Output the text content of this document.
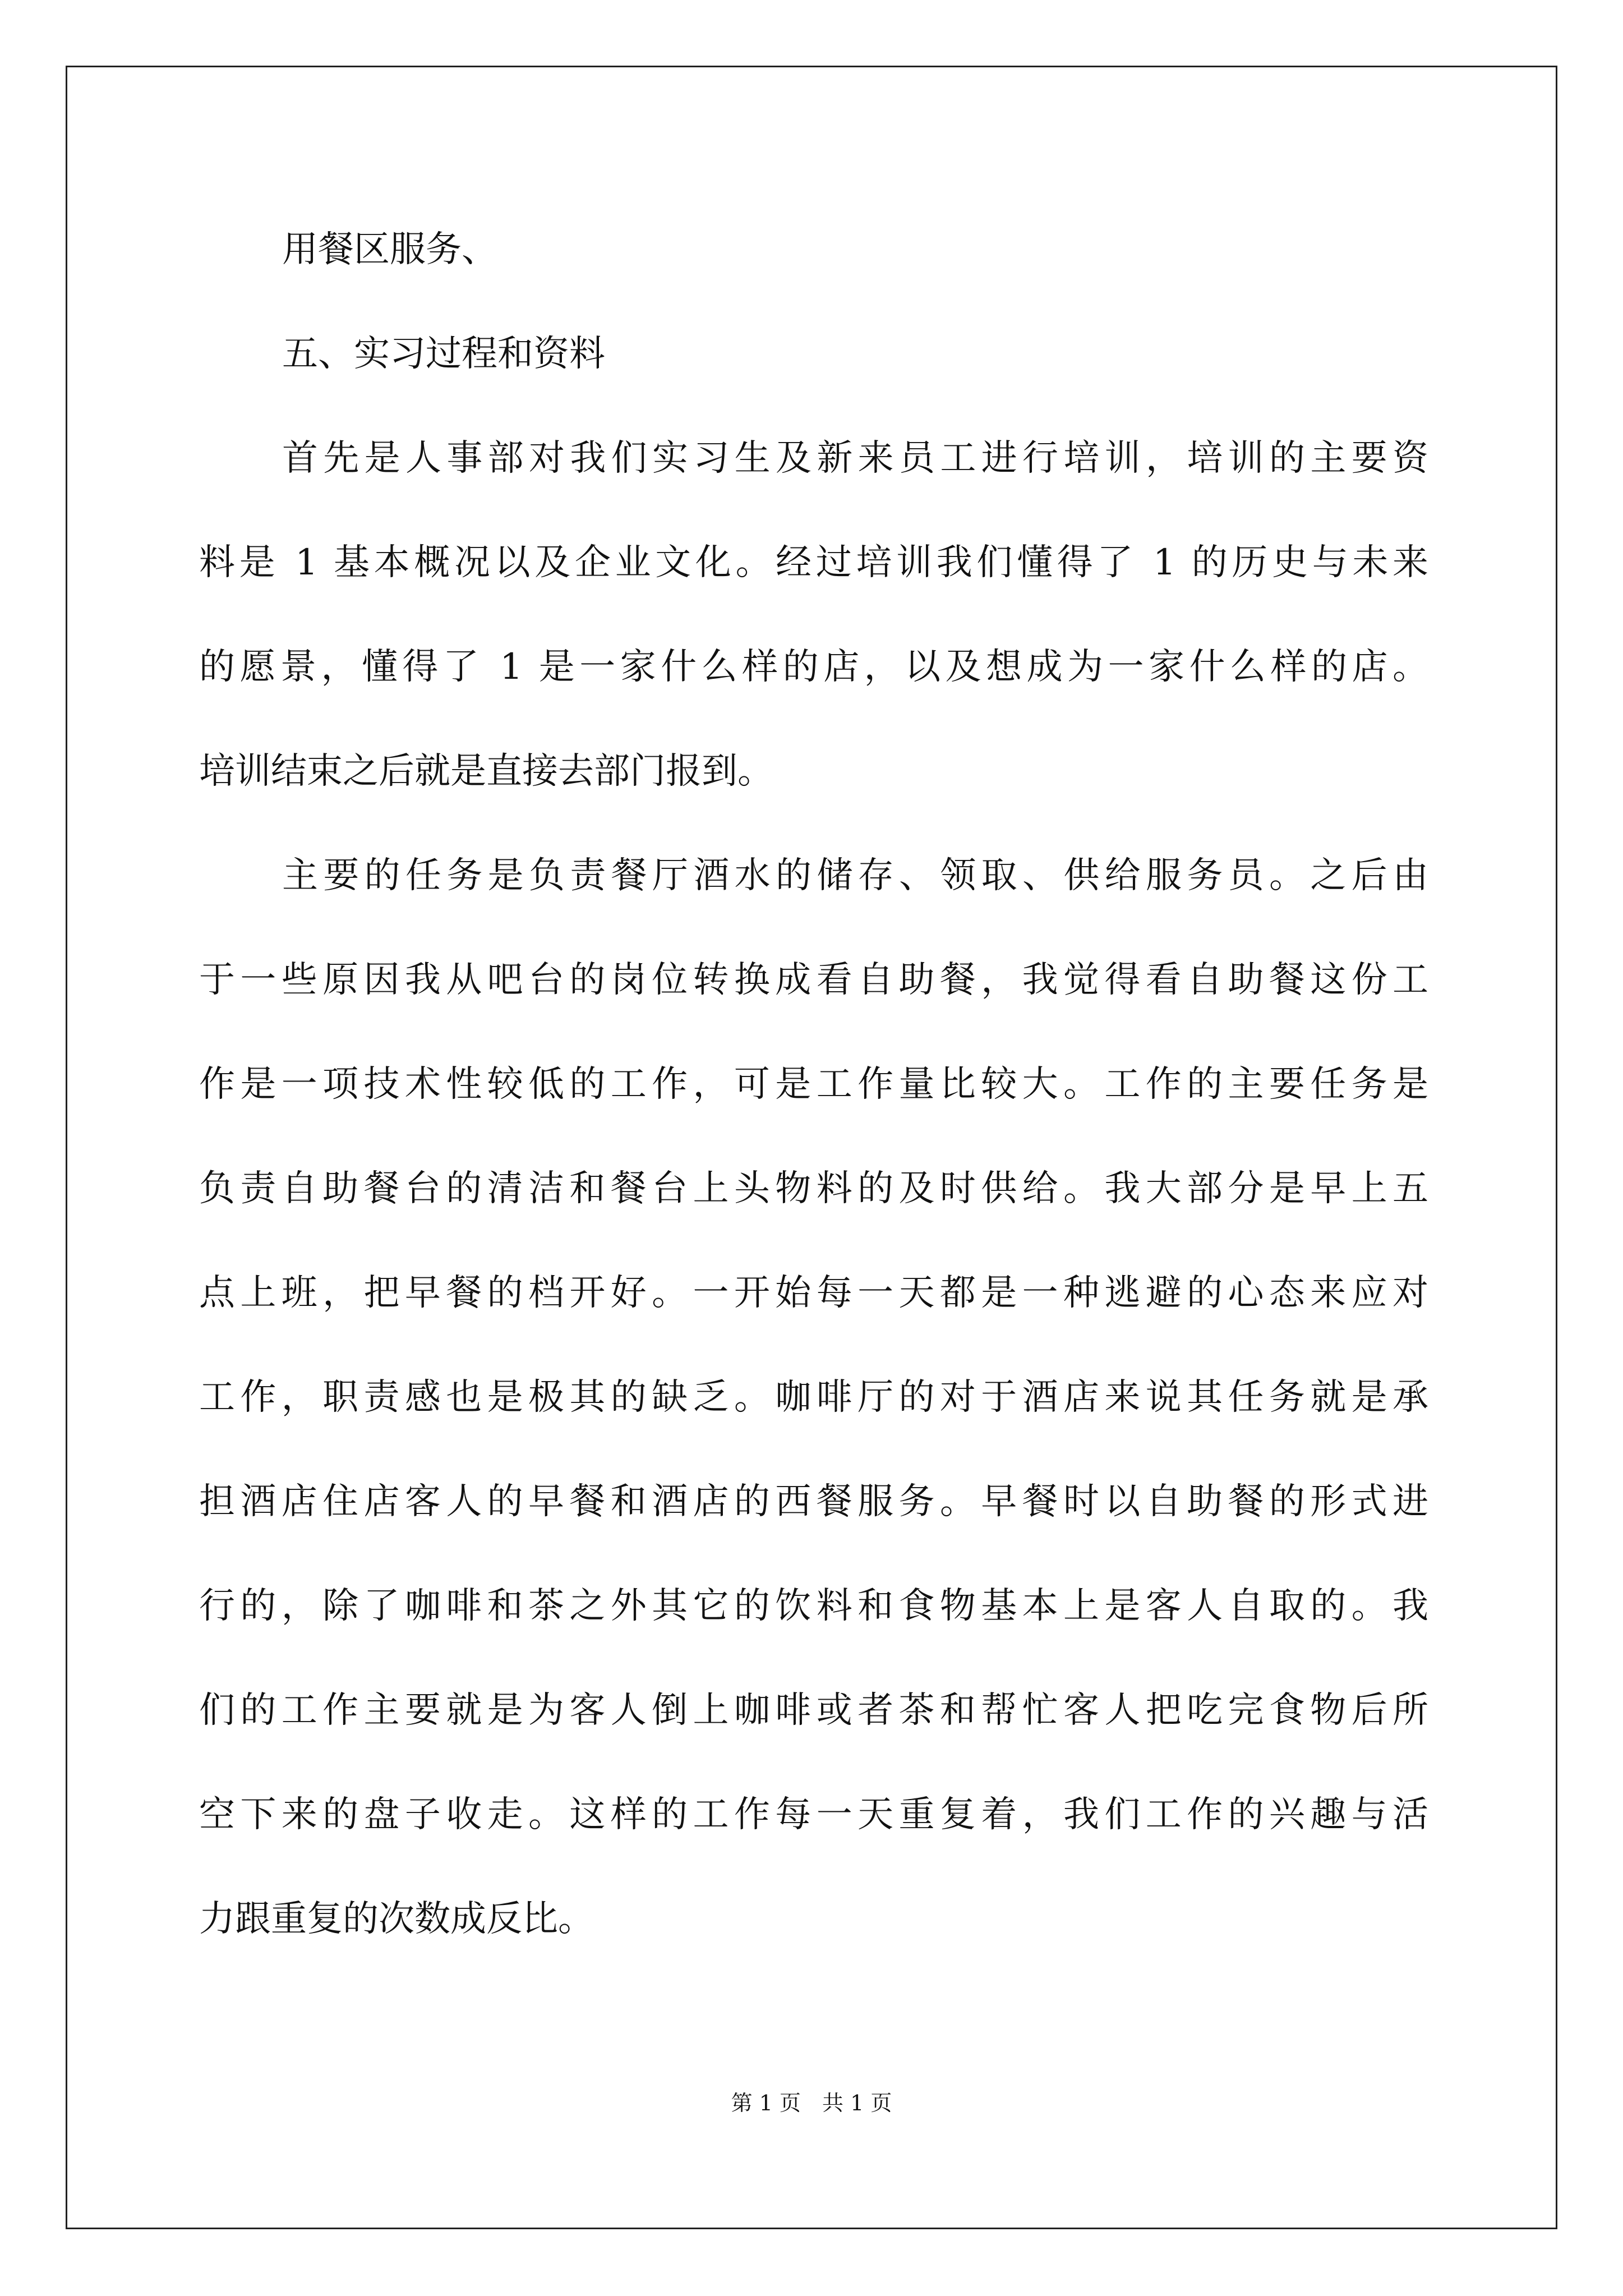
用餐区服务、
五、实习过程和资料
首先是人事部对我们实习生及新来员工进行培训，培训的主要资
料是 1 基本概况以及企业文化。经过培训我们懂得了 1 的历史与未来
的愿景，懂得了 1 是一家什么样的店，以及想成为一家什么样的店。
培训结束之后就是直接去部门报到。
主要的任务是负责餐厅酒水的储存、领取、供给服务员。之后由
于一些原因我从吧台的岗位转换成看自助餐，我觉得看自助餐这份工
作是一项技术性较低的工作，可是工作量比较大。工作的主要任务是
负责自助餐台的清洁和餐台上头物料的及时供给。我大部分是早上五
点上班，把早餐的档开好。一开始每一天都是一种逃避的心态来应对
工作，职责感也是极其的缺乏。咖啡厅的对于酒店来说其任务就是承
担酒店住店客人的早餐和酒店的西餐服务。早餐时以自助餐的形式进
行的，除了咖啡和茶之外其它的饮料和食物基本上是客人自取的。我
们的工作主要就是为客人倒上咖啡或者茶和帮忙客人把吃完食物后所
空下来的盘子收走。这样的工作每一天重复着，我们工作的兴趣与活
力跟重复的次数成反比。
第 1 页　共 1 页
